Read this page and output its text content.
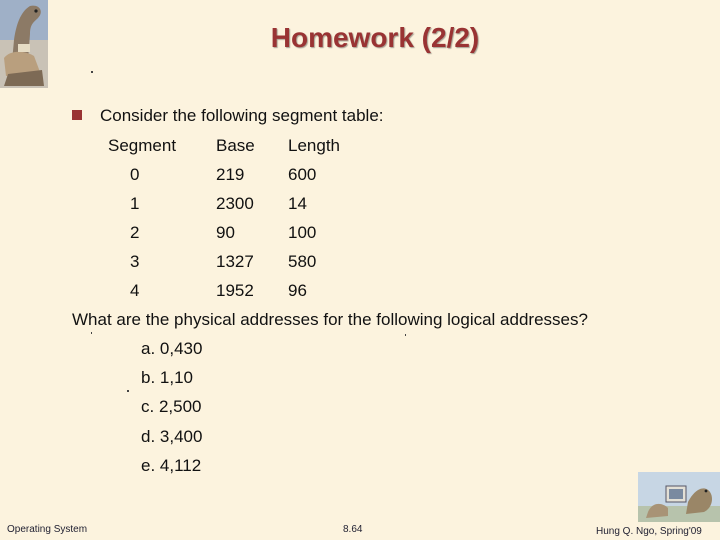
Homework (2/2)
Consider the following segment table:
Segment Base Length
0	219	600
1	2300 14
2	90	100
3	1327 580
4	1952 96
What are the physical addresses for the following logical addresses?
a. 0,430
b. 1,10
c. 2,500
d. 3,400
e. 4,112
Operating System	8.64	Hung Q. Ngo, Spring'09
